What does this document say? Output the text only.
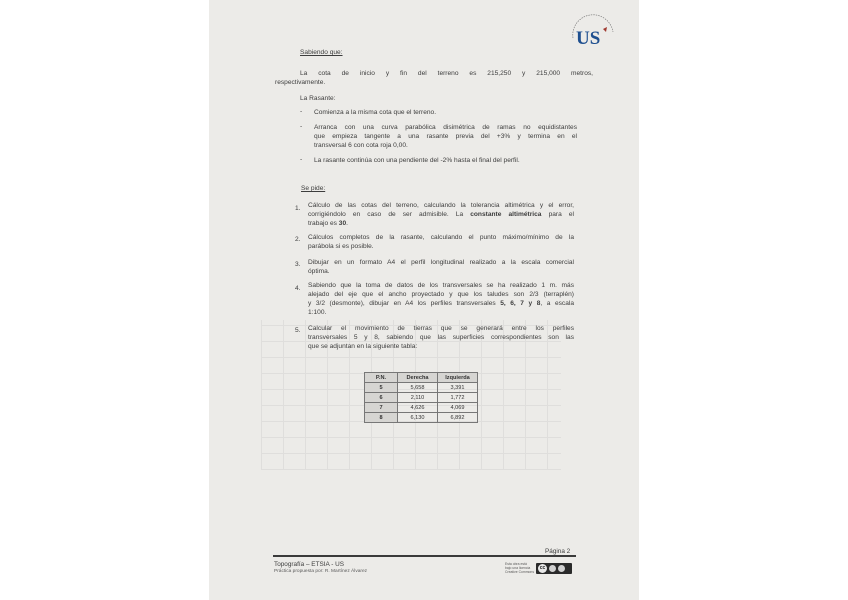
US
Sabiendo que:
La cota de inicio y fin del terreno es 215,250 y 215,000 metros,
respectivamente.
La Rasante:
- Comienza a la misma cota que el terreno.
- Arranca con una curva parabólica disimétrica de ramas no equidistantes
que empieza tangente a una rasante previa del +3% y termina en el
transversal 6 con cota roja 0,00.
- La rasante continúa con una pendiente del -2% hasta el final del perfil.
Se pide:
1. Cálculo de las cotas del terreno, calculando la tolerancia altimétrica y el error,
corrigiéndolo en caso de ser admisible. La constante altimétrica para el
trabajo es 30.
2. Cálculos completos de la rasante, calculando el punto máximo/mínimo de la
parábola si es posible.
3. Dibujar en un formato A4 el perfil longitudinal realizado a la escala comercial
óptima.
4. Sabiendo que la toma de datos de los transversales se ha realizado 1 m. más
alejado del eje que el ancho proyectado y que los taludes son 2/3 (terraplén)
y 3/2 (desmonte), dibujar en A4 los perfiles transversales 5, 6, 7 y 8, a escala
1:100.
5. Calcular el movimiento de tierras que se generará entre los perfiles
transversales 5 y 8, sabiendo que las superficies correspondientes son las
que se adjuntan en la siguiente tabla:
P.N.	Derecha	Izquierda
5	5,658	3,391
6	2,110	1,772
7	4,626	4,069
8	6,130	6,892
Página 2
Topografía – ETSIA - US
Práctica propuesta por: R. Martínez Álvarez
Esta obra está
bajo una licencia
Creative Commons
cc
